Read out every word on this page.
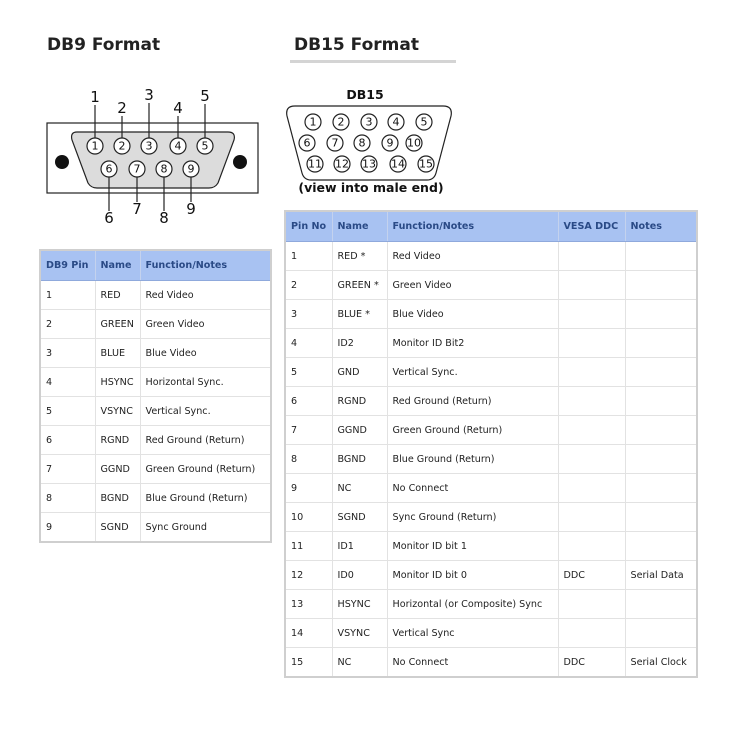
DB9 Format	DB15 Format
1 2 3 4 5
6 7 8 9
1
2
3
4
5
6 7 8 9
DB15
1 2 3 4 5
6 7 8 9 10
11 12 13 14 15
(view into male end)
DB9 Pin	Name	Function/Notes
1	RED	Red Video
2	GREEN	Green Video
3	BLUE	Blue Video
4	HSYNC	Horizontal Sync.
5	VSYNC	Vertical Sync.
6	RGND	Red Ground (Return)
7	GGND	Green Ground (Return)
8	BGND	Blue Ground (Return)
9	SGND	Sync Ground
Pin No	Name	Function/Notes	VESA DDC	Notes
1	RED *	Red Video		
2	GREEN *	Green Video		
3	BLUE *	Blue Video		
4	ID2	Monitor ID Bit2		
5	GND	Vertical Sync.		
6	RGND	Red Ground (Return)		
7	GGND	Green Ground (Return)		
8	BGND	Blue Ground (Return)		
9	NC	No Connect		
10	SGND	Sync Ground (Return)		
11	ID1	Monitor ID bit 1		
12	ID0	Monitor ID bit 0	DDC	Serial Data
13	HSYNC	Horizontal (or Composite) Sync		
14	VSYNC	Vertical Sync		
15	NC	No Connect	DDC	Serial Clock
